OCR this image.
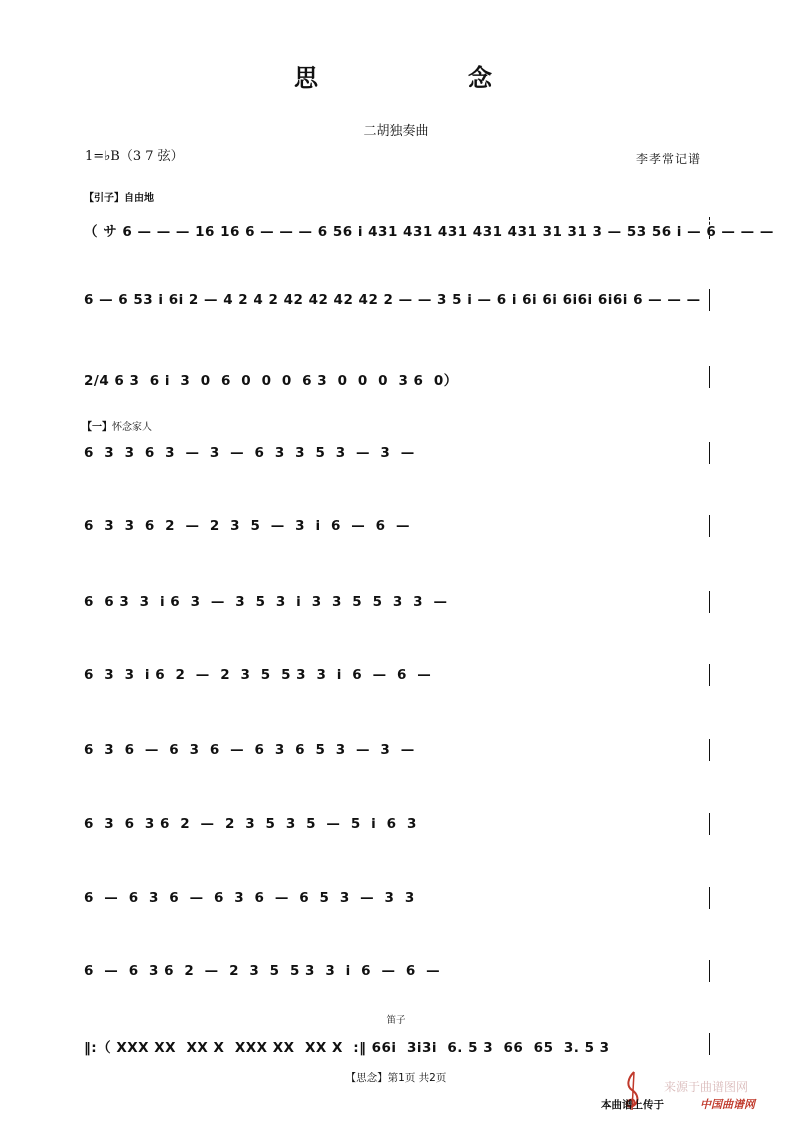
思	念
二胡独奏曲
1=♭B（3 7 弦）	李孝常记谱
【引子】自由地
（ サ 6 — — — 16 16 6 — — — 6 56 i 431 431 431 431 431 31 31 3 — 53 56 i — 6 — — —
6 — 6 53 i 6i 2 — 4 2 4 2 42 42 42 42 2 — — 3 5 i — 6 i 6i 6i 6i6i 6i6i 6 — — —
2/4 6 3  6 i  3  0  6  0  0  0  6 3  0  0  0  3 6  0）
【一】怀念家人
6  3  3  6  3  —  3  —  6  3  3  5  3  —  3  —
6  3  3  6  2  —  2  3  5  —  3  i  6  —  6  —
6  6 3  3  i 6  3  —  3  5  3  i  3  3  5  5  3  3  —
6  3  3  i 6  2  —  2  3  5  5 3  3  i  6  —  6  —
6  3  6  —  6  3  6  —  6  3  6  5  3  —  3  —
6  3  6  3 6  2  —  2  3  5  3  5  —  5  i  6  3
6  —  6  3  6  —  6  3  6  —  6  5  3  —  3  3
6  —  6  3 6  2  —  2  3  5  5 3  3  i  6  —  6  —
笛子
‖:（ XXX XX  XX X  XXX XX  XX X  :‖ 66i  3i3i  6. 5 3  66  65  3. 5 3
【思念】第1页 共2页
来源于曲谱图网
本曲谱上传于	中国曲谱网
